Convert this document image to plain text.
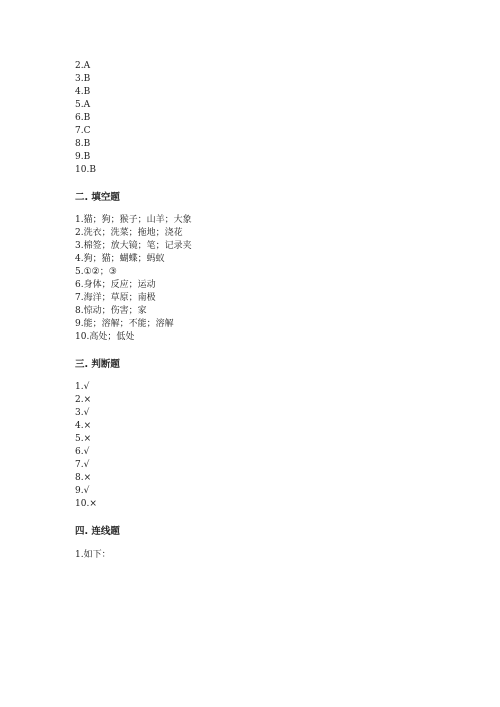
2.A
3.B
4.B
5.A
6.B
7.C
8.B
9.B
10.B
二. 填空题
1.猫；狗；猴子；山羊；大象
2.洗衣；洗菜；拖地；浇花
3.棉签；放大镜；笔；记录夹
4.狗；猫；蝴蝶；蚂蚁
5.①②；③
6.身体；反应；运动
7.海洋；草原；南极
8.惊动；伤害；家
9.能；溶解；不能；溶解
10.高处；低处
三. 判断题
1.√
2.×
3.√
4.×
5.×
6.√
7.√
8.×
9.√
10.×
四. 连线题
1.如下：
